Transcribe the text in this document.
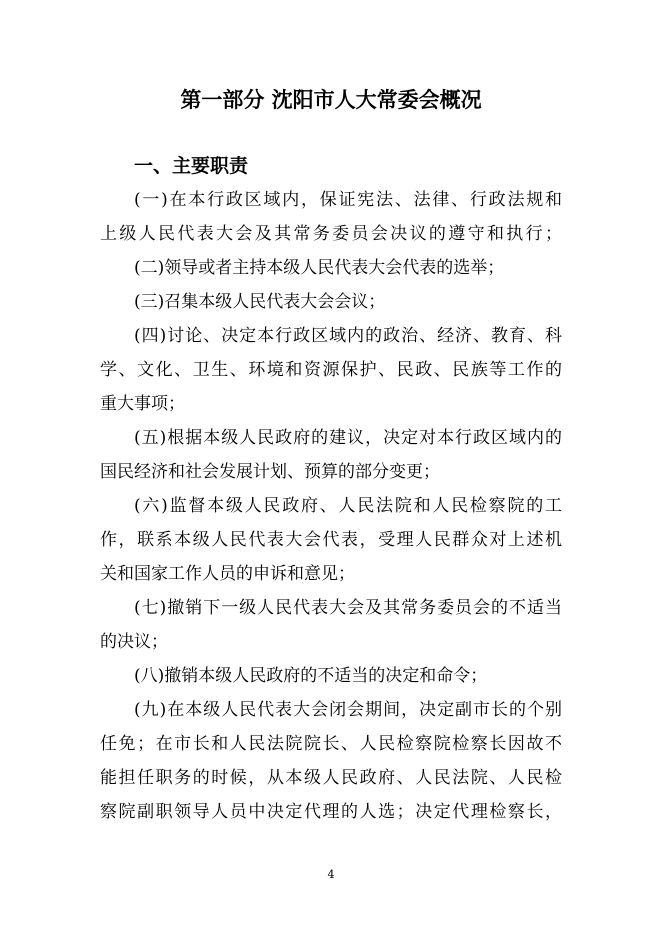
第一部分 沈阳市人大常委会概况
一、主要职责
(一)在本行政区域内，保证宪法、法律、行政法规和
上级人民代表大会及其常务委员会决议的遵守和执行；
(二)领导或者主持本级人民代表大会代表的选举；
(三)召集本级人民代表大会会议；
(四)讨论、决定本行政区域内的政治、经济、教育、科
学、文化、卫生、环境和资源保护、民政、民族等工作的
重大事项；
(五)根据本级人民政府的建议，决定对本行政区域内的
国民经济和社会发展计划、预算的部分变更；
(六)监督本级人民政府、人民法院和人民检察院的工
作，联系本级人民代表大会代表，受理人民群众对上述机
关和国家工作人员的申诉和意见；
(七)撤销下一级人民代表大会及其常务委员会的不适当
的决议；
(八)撤销本级人民政府的不适当的决定和命令；
(九)在本级人民代表大会闭会期间，决定副市长的个别
任免；在市长和人民法院院长、人民检察院检察长因故不
能担任职务的时候，从本级人民政府、人民法院、人民检
察院副职领导人员中决定代理的人选；决定代理检察长，
4
